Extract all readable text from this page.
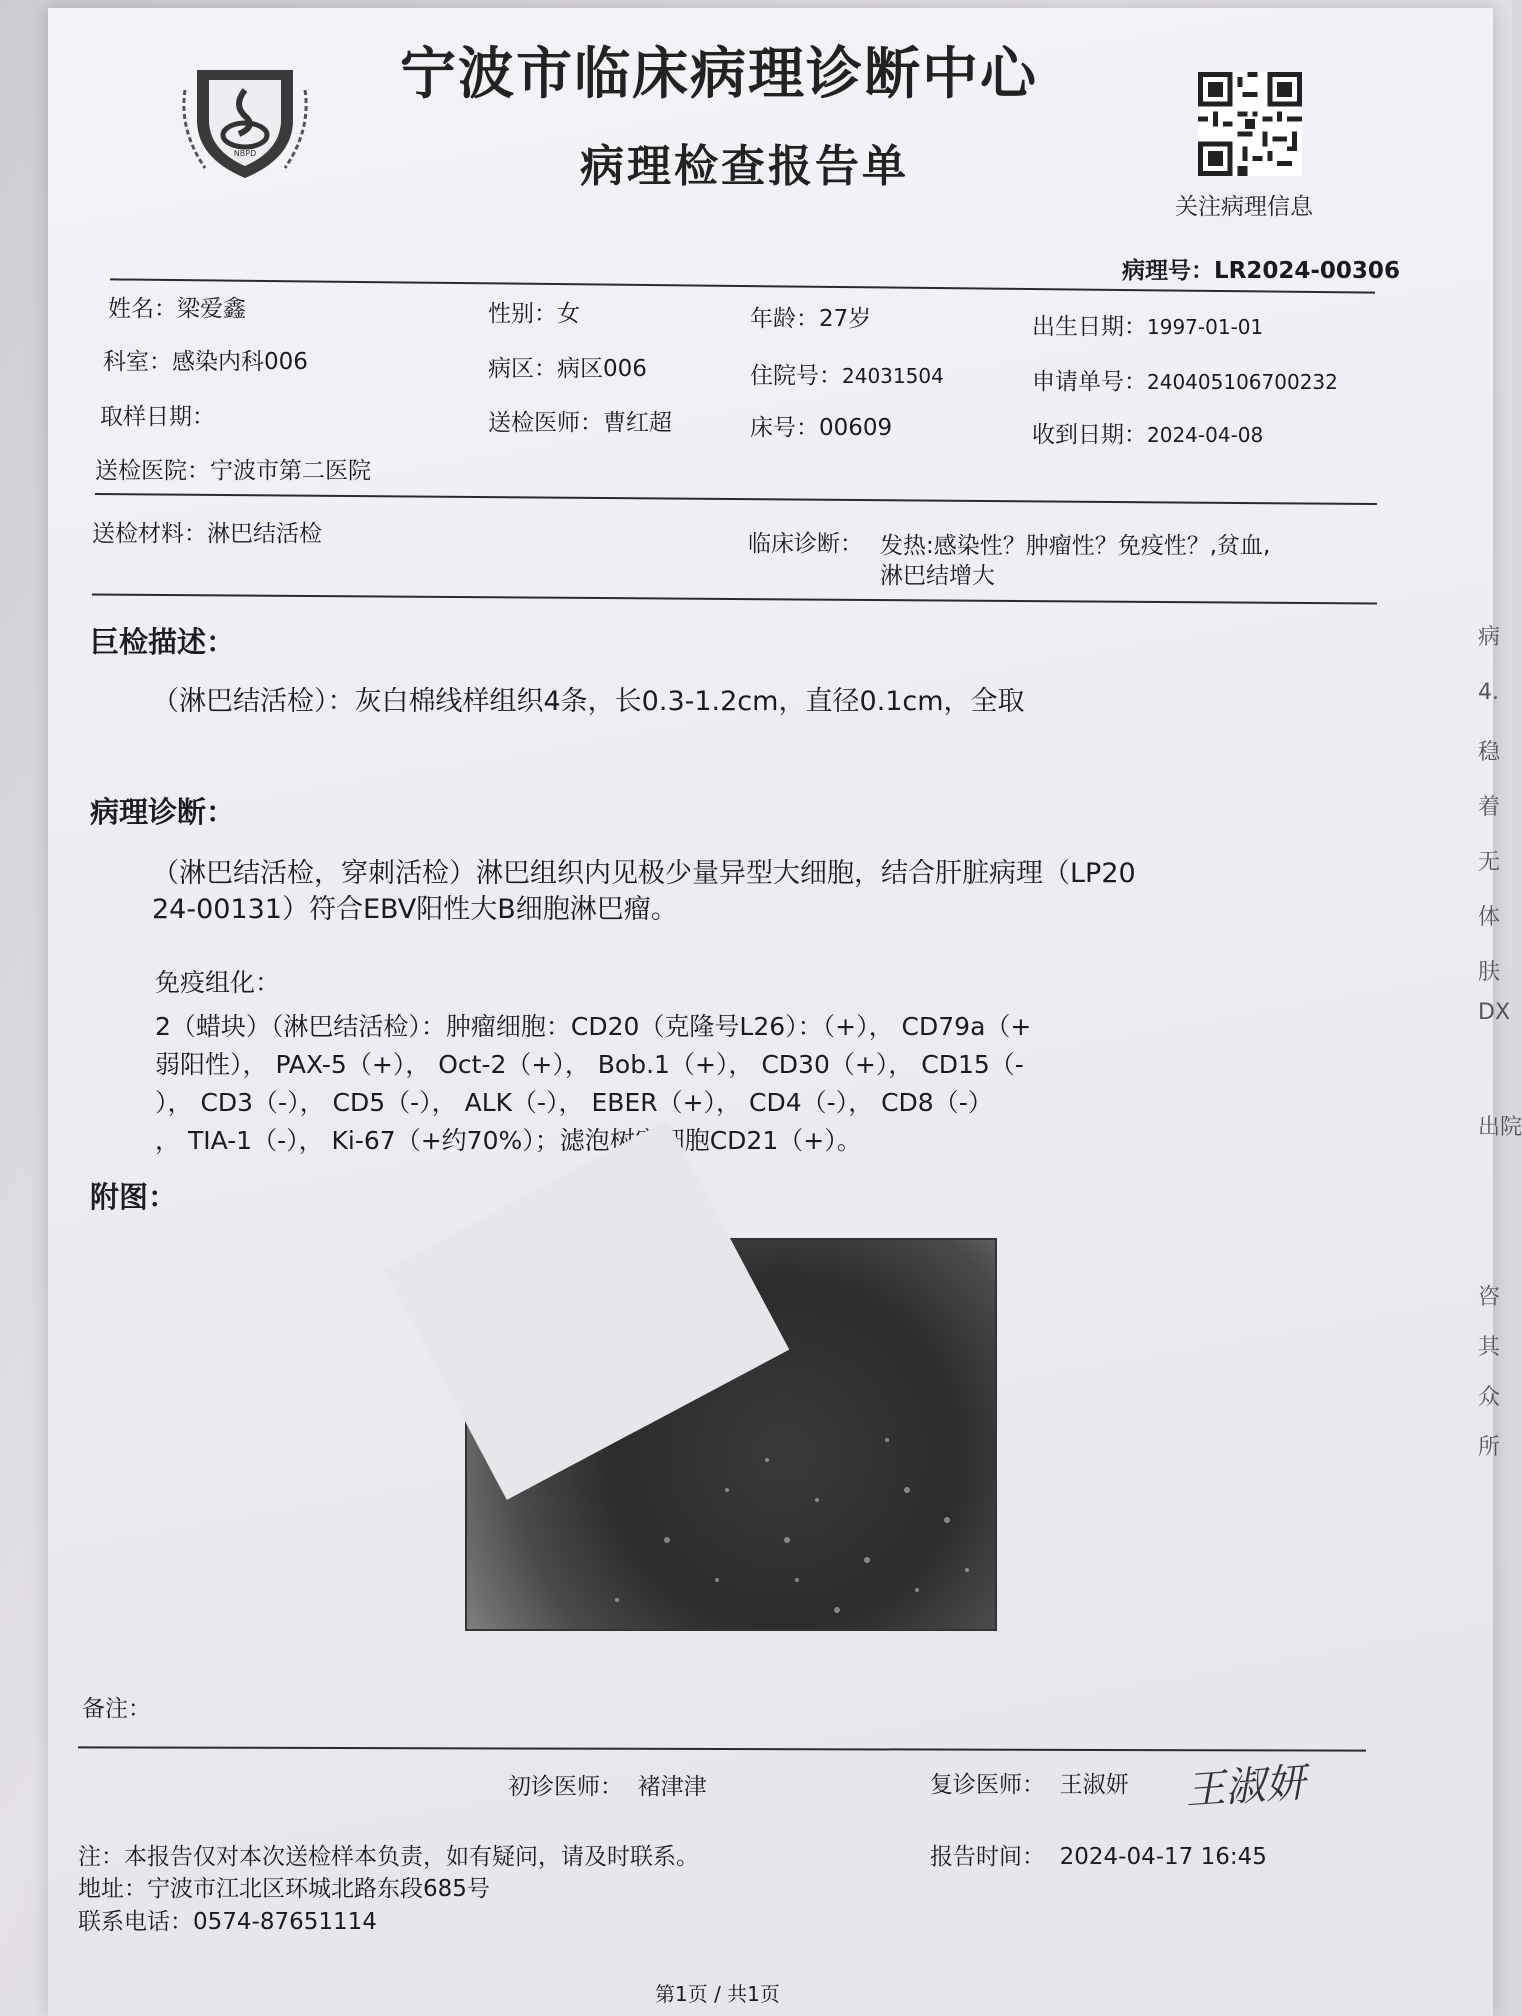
病
4.
稳
着
无
体
肤
DX
出院
咨
其
众
所
NBPD
宁波市临床病理诊断中心
病理检查报告单
关注病理信息
病理号：LR2024-00306
姓名：梁爱鑫	性别：女	年龄：27岁	出生日期：1997-01-01
科室：感染内科006	病区：病区006	住院号：24031504	申请单号：240405106700232
取样日期：	送检医师：曹红超	床号：00609	收到日期：2024-04-08
送检医院：宁波市第二医院
送检材料：淋巴结活检	临床诊断： 发热:感染性？肿瘤性？免疫性？,贫血,
淋巴结增大
巨检描述：
（淋巴结活检）：灰白棉线样组织4条，长0.3-1.2cm，直径0.1cm，全取
病理诊断：
（淋巴结活检，穿刺活检）淋巴组织内见极少量异型大细胞，结合肝脏病理（LP20
24-00131）符合EBV阳性大B细胞淋巴瘤。
免疫组化：
2（蜡块）（淋巴结活检）：肿瘤细胞：CD20（克隆号L26）：（+）， CD79a（+
弱阳性）， PAX-5（+）， Oct-2（+）， Bob.1（+）， CD30（+）， CD15（-
）， CD3（-）， CD5（-）， ALK（-）， EBER（+）， CD4（-）， CD8（-）
， TIA-1（-）， Ki-67（+约70%）；滤泡树突细胞CD21（+）。
附图：
备注：
初诊医师： 褚津津	复诊医师： 王淑妍 王淑妍
报告时间： 2024-04-17 16:45
注：本报告仅对本次送检样本负责，如有疑问，请及时联系。
地址：宁波市江北区环城北路东段685号
联系电话：0574-87651114
第1页 / 共1页
